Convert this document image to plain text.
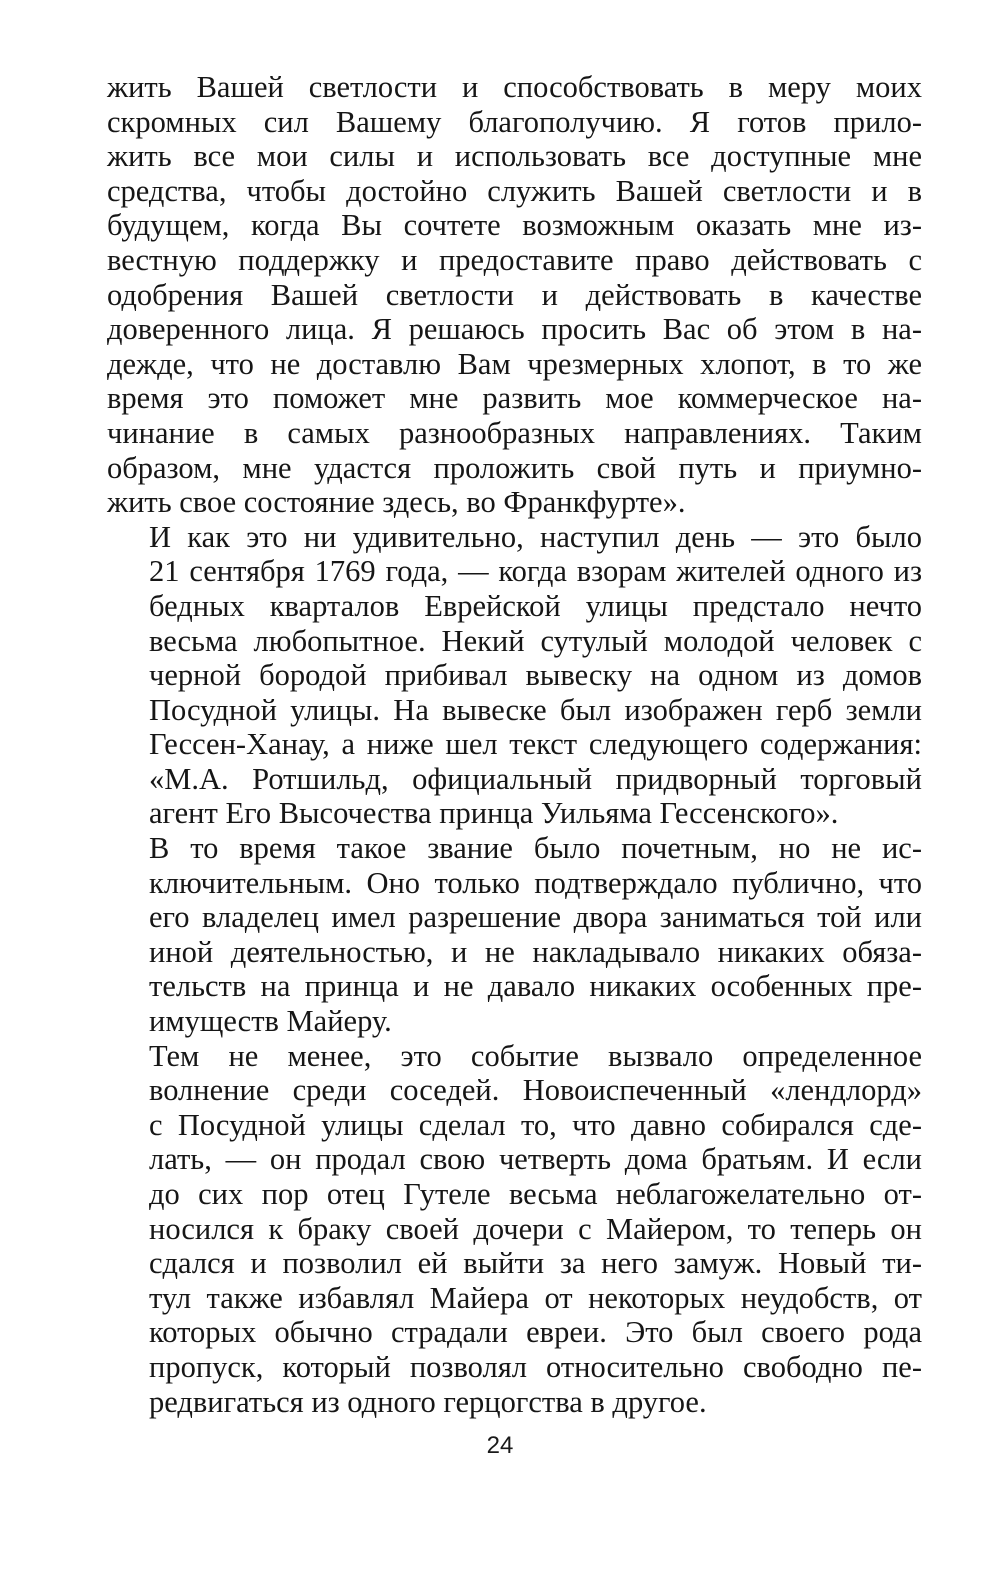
жить Вашей светлости и способствовать в меру моих
скромных сил Вашему благополучию. Я готов прило-
жить все мои силы и использовать все доступные мне
средства, чтобы достойно служить Вашей светлости и в
будущем, когда Вы сочтете возможным оказать мне из-
вестную поддержку и предоставите право действовать с
одобрения Вашей светлости и действовать в качестве
доверенного лица. Я решаюсь просить Вас об этом в на-
дежде, что не доставлю Вам чрезмерных хлопот, в то же
время это поможет мне развить мое коммерческое на-
чинание в самых разнообразных направлениях. Таким
образом, мне удастся проложить свой путь и приумно-
жить свое состояние здесь, во Франкфурте».
И как это ни удивительно, наступил день — это было
21 сентября 1769 года, — когда взорам жителей одного из
бедных кварталов Еврейской улицы предстало нечто
весьма любопытное. Некий сутулый молодой человек с
черной бородой прибивал вывеску на одном из домов
Посудной улицы. На вывеске был изображен герб земли
Гессен-Ханау, а ниже шел текст следующего содержания:
«М.А. Ротшильд, официальный придворный торговый
агент Его Высочества принца Уильяма Гессенского».
В то время такое звание было почетным, но не ис-
ключительным. Оно только подтверждало публично, что
его владелец имел разрешение двора заниматься той или
иной деятельностью, и не накладывало никаких обяза-
тельств на принца и не давало никаких особенных пре-
имуществ Майеру.
Тем не менее, это событие вызвало определенное
волнение среди соседей. Новоиспеченный «лендлорд»
с Посудной улицы сделал то, что давно собирался сде-
лать, — он продал свою четверть дома братьям. И если
до сих пор отец Гутеле весьма неблагожелательно от-
носился к браку своей дочери с Майером, то теперь он
сдался и позволил ей выйти за него замуж. Новый ти-
тул также избавлял Майера от некоторых неудобств, от
которых обычно страдали евреи. Это был своего рода
пропуск, который позволял относительно свободно пе-
редвигаться из одного герцогства в другое.
24
